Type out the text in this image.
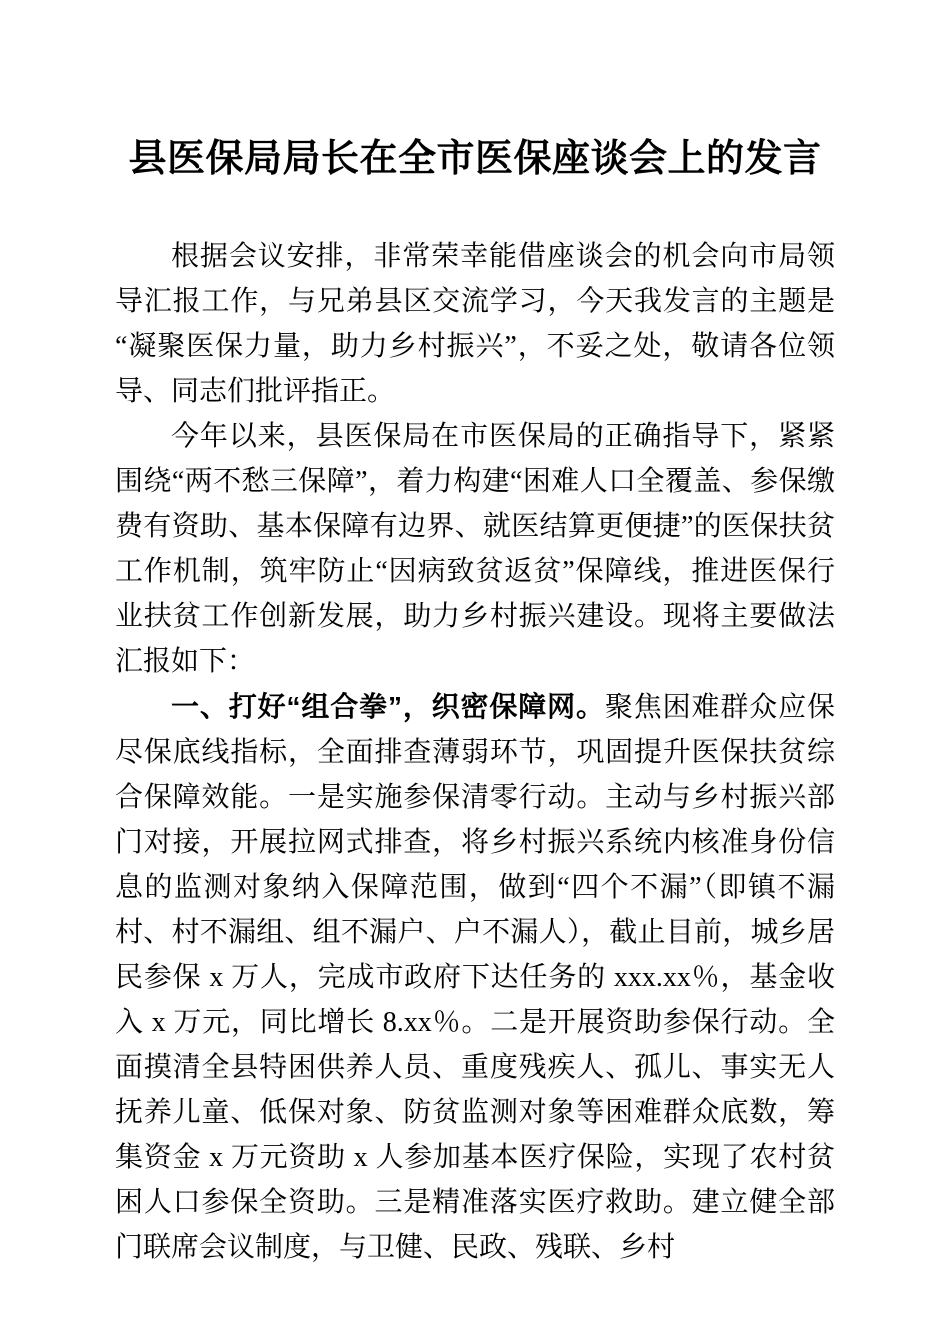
县医保局局长在全市医保座谈会上的发言

根据会议安排，非常荣幸能借座谈会的机会向市局领导汇报工作，与兄弟县区交流学习，今天我发言的主题是“凝聚医保力量，助力乡村振兴”，不妥之处，敬请各位领导、同志们批评指正。

今年以来，县医保局在市医保局的正确指导下，紧紧围绕“两不愁三保障”，着力构建“困难人口全覆盖、参保缴费有资助、基本保障有边界、就医结算更便捷”的医保扶贫工作机制，筑牢防止“因病致贫返贫”保障线，推进医保行业扶贫工作创新发展，助力乡村振兴建设。现将主要做法汇报如下：

一、打好“组合拳”，织密保障网。聚焦困难群众应保尽保底线指标，全面排查薄弱环节，巩固提升医保扶贫综合保障效能。一是实施参保清零行动。主动与乡村振兴部门对接，开展拉网式排查，将乡村振兴系统内核准身份信息的监测对象纳入保障范围，做到“四个不漏”（即镇不漏村、村不漏组、组不漏户、户不漏人），截止目前，城乡居民参保 x 万人，完成市政府下达任务的 xxx.xx％，基金收入 x 万元，同比增长 8.xx％。二是开展资助参保行动。全面摸清全县特困供养人员、重度残疾人、孤儿、事实无人抚养儿童、低保对象、防贫监测对象等困难群众底数，筹集资金 x 万元资助 x 人参加基本医疗保险，实现了农村贫困人口参保全资助。三是精准落实医疗救助。建立健全部门联席会议制度，与卫健、民政、残联、乡村
